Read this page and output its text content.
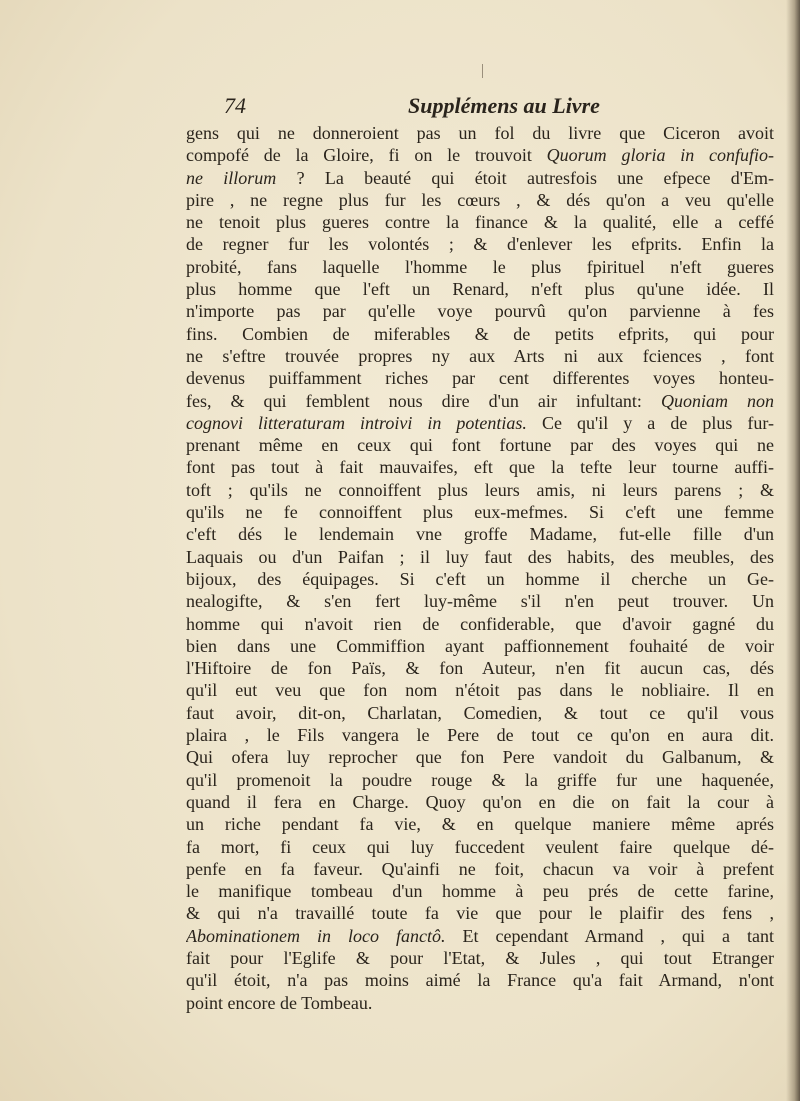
74	Supplémens au Livre
gens qui ne donneroient pas un fol du livre que Ciceron avoit
compofé de la Gloire, fi on le trouvoit Quorum gloria in confufio-
ne illorum ? La beauté qui étoit autresfois une efpece d'Em-
pire , ne regne plus fur les cœurs , & dés qu'on a veu qu'elle
ne tenoit plus gueres contre la finance & la qualité, elle a ceffé
de regner fur les volontés ; & d'enlever les efprits. Enfin la
probité, fans laquelle l'homme le plus fpirituel n'eft gueres
plus homme que l'eft un Renard, n'eft plus qu'une idée. Il
n'importe pas par qu'elle voye pourvû qu'on parvienne à fes
fins. Combien de miferables & de petits efprits, qui pour
ne s'eftre trouvée propres ny aux Arts ni aux fciences , font
devenus puiffamment riches par cent differentes voyes honteu-
fes, & qui femblent nous dire d'un air infultant: Quoniam non
cognovi litteraturam introivi in potentias. Ce qu'il y a de plus fur-
prenant même en ceux qui font fortune par des voyes qui ne
font pas tout à fait mauvaifes, eft que la tefte leur tourne auffi-
toft ; qu'ils ne connoiffent plus leurs amis, ni leurs parens ; &
qu'ils ne fe connoiffent plus eux-mefmes. Si c'eft une femme
c'eft dés le lendemain vne groffe Madame, fut-elle fille d'un
Laquais ou d'un Paifan ; il luy faut des habits, des meubles, des
bijoux, des équipages. Si c'eft un homme il cherche un Ge-
nealogifte, & s'en fert luy-même s'il n'en peut trouver. Un
homme qui n'avoit rien de confiderable, que d'avoir gagné du
bien dans une Commiffion ayant paffionnement fouhaité de voir
l'Hiftoire de fon Païs, & fon Auteur, n'en fit aucun cas, dés
qu'il eut veu que fon nom n'étoit pas dans le nobliaire. Il en
faut avoir, dit-on, Charlatan, Comedien, & tout ce qu'il vous
plaira , le Fils vangera le Pere de tout ce qu'on en aura dit.
Qui ofera luy reprocher que fon Pere vandoit du Galbanum, &
qu'il promenoit la poudre rouge & la griffe fur une haquenée,
quand il fera en Charge. Quoy qu'on en die on fait la cour à
un riche pendant fa vie, & en quelque maniere même aprés
fa mort, fi ceux qui luy fuccedent veulent faire quelque dé-
penfe en fa faveur. Qu'ainfi ne foit, chacun va voir à prefent
le manifique tombeau d'un homme à peu prés de cette farine,
& qui n'a travaillé toute fa vie que pour le plaifir des fens ,
Abominationem in loco fanctô. Et cependant Armand , qui a tant
fait pour l'Eglife & pour l'Etat, & Jules , qui tout Etranger
qu'il étoit, n'a pas moins aimé la France qu'a fait Armand, n'ont
point encore de Tombeau.
